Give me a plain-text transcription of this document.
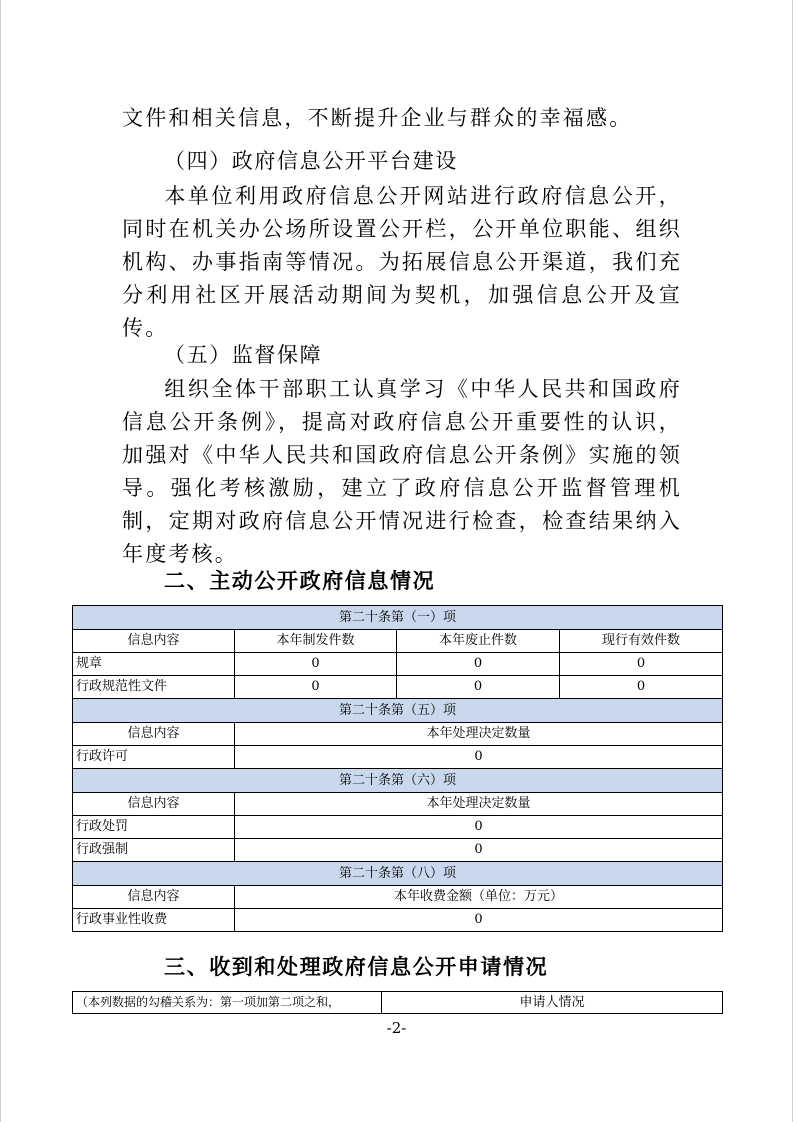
文件和相关信息，不断提升企业与群众的幸福感。

（四）政府信息公开平台建设

本单位利用政府信息公开网站进行政府信息公开，同时在机关办公场所设置公开栏，公开单位职能、组织机构、办事指南等情况。为拓展信息公开渠道，我们充分利用社区开展活动期间为契机，加强信息公开及宣传。

（五）监督保障

组织全体干部职工认真学习《中华人民共和国政府信息公开条例》，提高对政府信息公开重要性的认识，加强对《中华人民共和国政府信息公开条例》实施的领导。强化考核激励，建立了政府信息公开监督管理机制，定期对政府信息公开情况进行检查，检查结果纳入年度考核。

二、主动公开政府信息情况

第二十条第（一）项			
信息内容	本年制发件数	本年废止件数	现行有效件数
规章	0	0	0
行政规范性文件	0	0	0
第二十条第（五）项			
信息内容	本年处理决定数量		
行政许可	0		
第二十条第（六）项			
信息内容	本年处理决定数量		
行政处罚	0		
行政强制	0		
第二十条第（八）项			
信息内容	本年收费金额（单位：万元）		
行政事业性收费	0		

三、收到和处理政府信息公开申请情况

（本列数据的勾稽关系为：第一项加第二项之和，	申请人情况
-2-
